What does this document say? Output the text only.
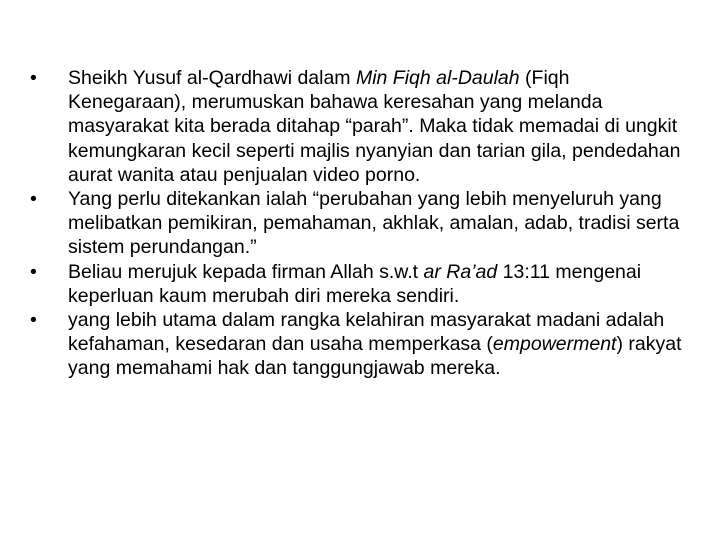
•	Sheikh Yusuf al-Qardhawi dalam Min Fiqh al-Daulah (Fiqh Kenegaraan), merumuskan bahawa keresahan yang melanda masyarakat kita berada ditahap “parah”. Maka tidak memadai di ungkit kemungkaran kecil seperti majlis nyanyian dan tarian gila, pendedahan aurat wanita atau penjualan video porno.
•	Yang perlu ditekankan ialah “perubahan yang lebih menyeluruh yang melibatkan pemikiran, pemahaman, akhlak, amalan, adab, tradisi serta sistem perundangan.”
•	Beliau merujuk kepada firman Allah s.w.t ar Ra’ad 13:11 mengenai keperluan kaum merubah diri mereka sendiri.
•	yang lebih utama dalam rangka kelahiran masyarakat madani adalah kefahaman, kesedaran dan usaha memperkasa (empowerment) rakyat yang memahami hak dan tanggungjawab mereka.
